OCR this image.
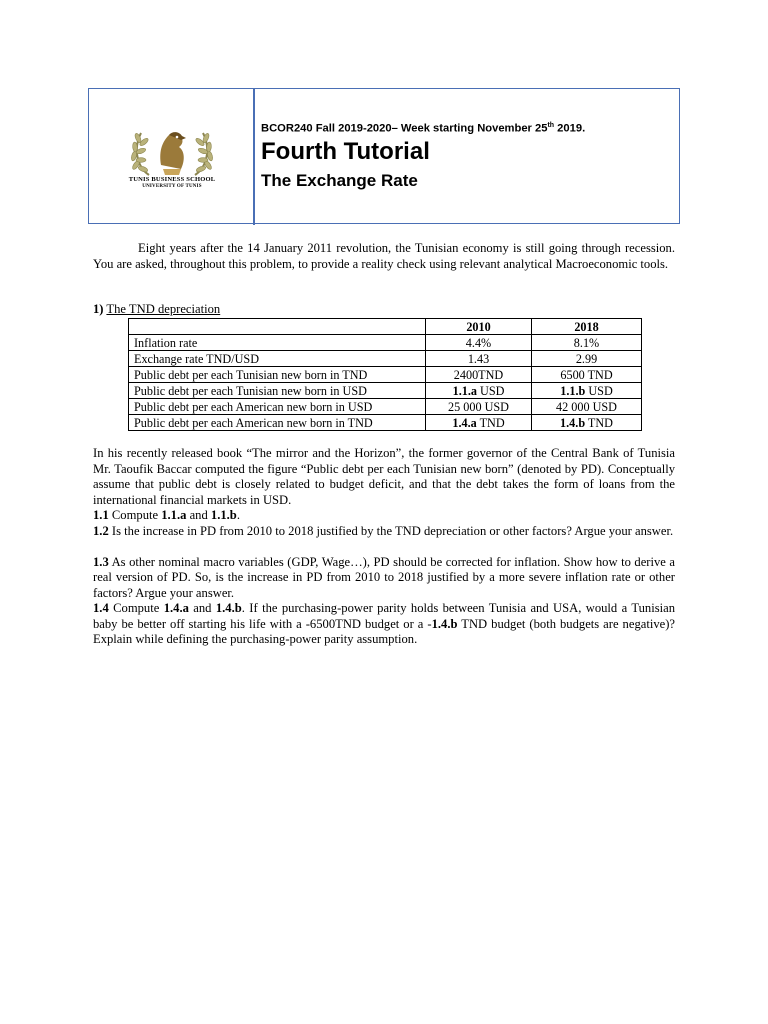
TUNIS BUSINESS SCHOOL
UNIVERSITY OF TUNIS
BCOR240 Fall 2019-2020– Week starting November 25th 2019.
Fourth Tutorial
The Exchange Rate

Eight years after the 14 January 2011 revolution, the Tunisian economy is still going through recession. You are asked, throughout this problem, to provide a reality check using relevant analytical Macroeconomic tools.

1) The TND depreciation
	2010	2018
Inflation rate	4.4%	8.1%
Exchange rate TND/USD	1.43	2.99
Public debt per each Tunisian new born in TND	2400TND	6500 TND
Public debt per each Tunisian new born in USD	1.1.a USD	1.1.b USD
Public debt per each American new born in USD	25 000 USD	42 000 USD
Public debt per each American new born in TND	1.4.a TND	1.4.b TND

In his recently released book “The mirror and the Horizon”, the former governor of the Central Bank of Tunisia Mr. Taoufik Baccar computed the figure “Public debt per each Tunisian new born” (denoted by PD). Conceptually assume that public debt is closely related to budget deficit, and that the debt takes the form of loans from the international financial markets in USD.

1.1 Compute 1.1.a and 1.1.b.

1.2 Is the increase in PD from 2010 to 2018 justified by the TND depreciation or other factors? Argue your answer.

1.3 As other nominal macro variables (GDP, Wage…), PD should be corrected for inflation. Show how to derive a real version of PD. So, is the increase in PD from 2010 to 2018 justified by a more severe inflation rate or other factors? Argue your answer.

1.4 Compute 1.4.a and 1.4.b. If the purchasing-power parity holds between Tunisia and USA, would a Tunisian baby be better off starting his life with a -6500TND budget or a -1.4.b TND budget (both budgets are negative)? Explain while defining the purchasing-power parity assumption.
